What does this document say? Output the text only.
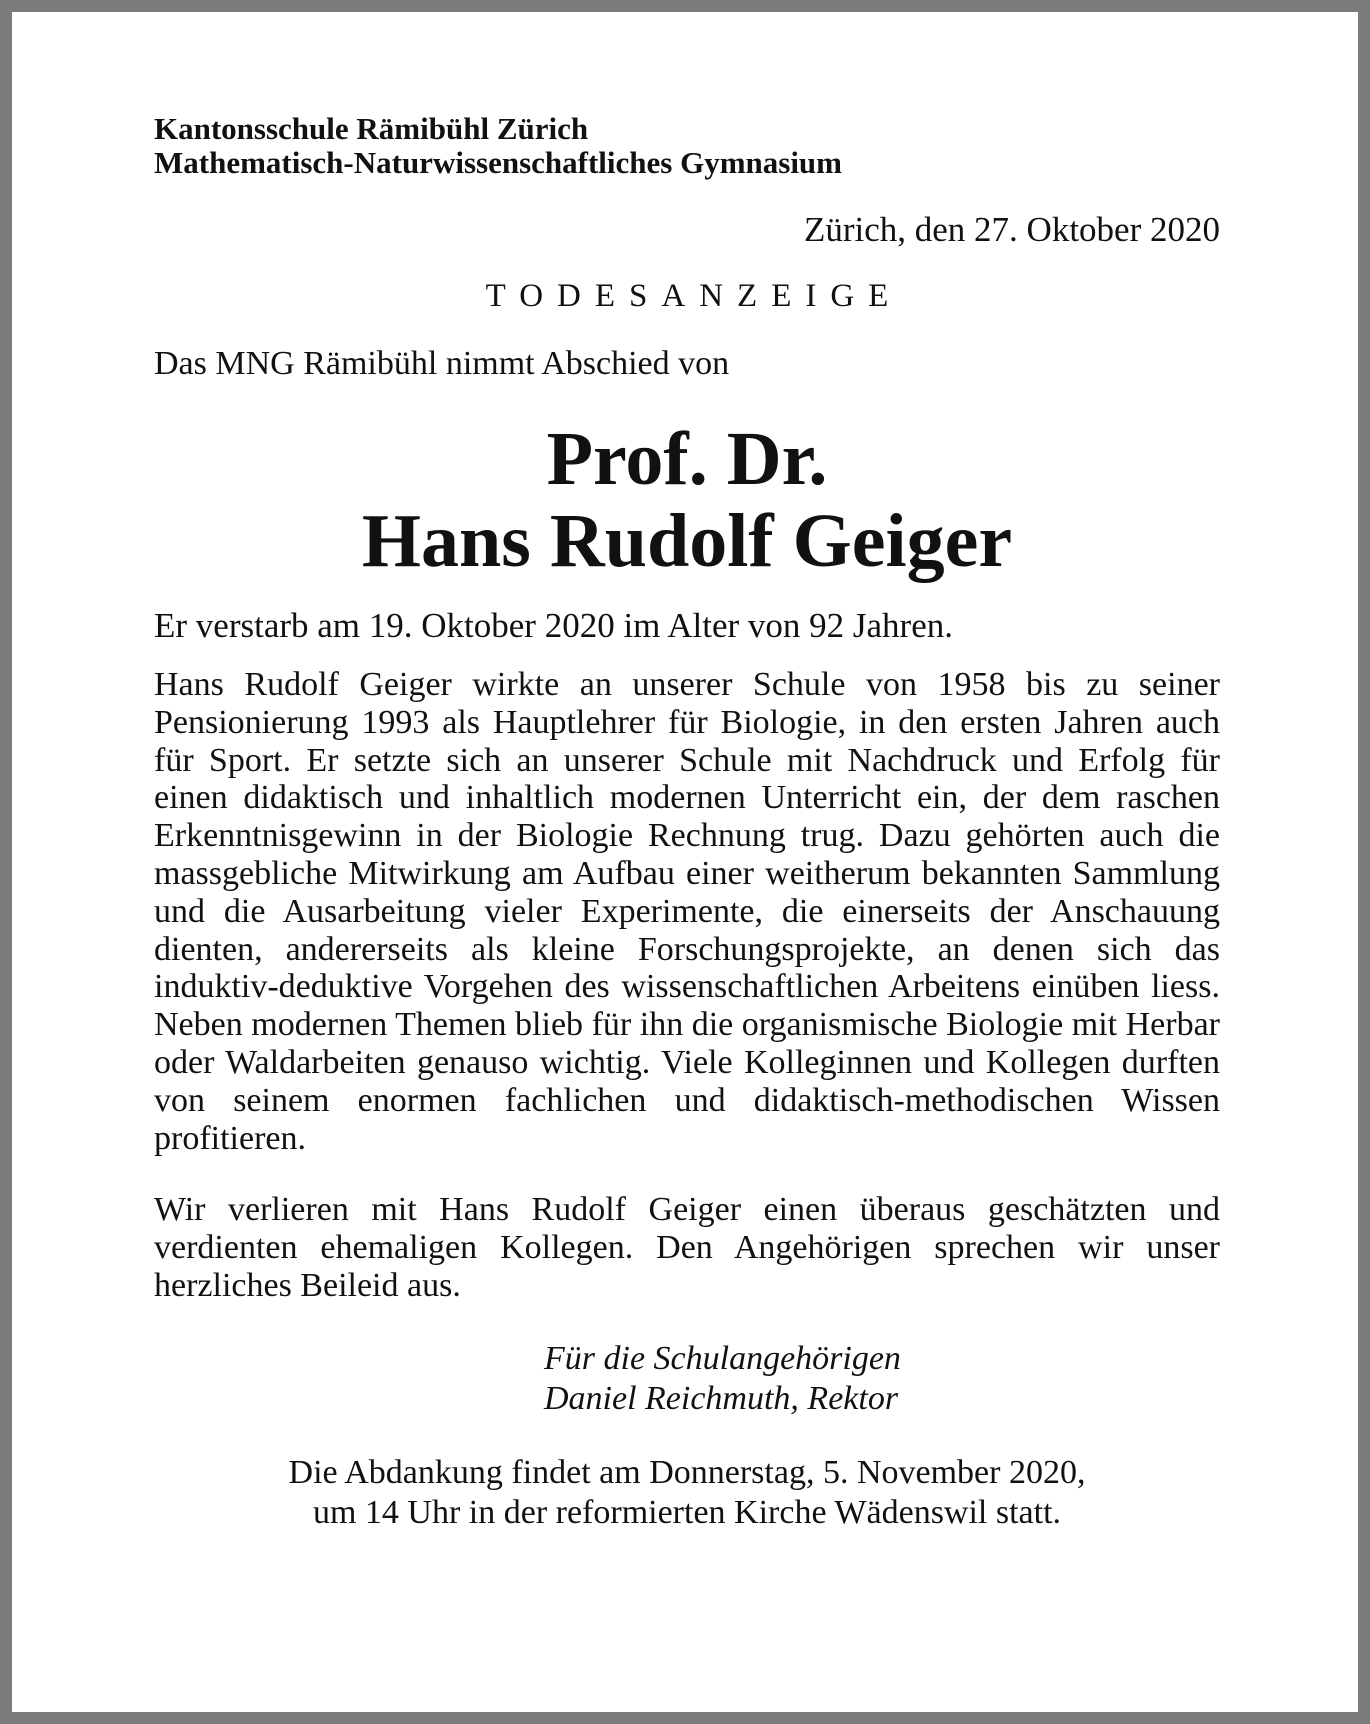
Kantonsschule Rämibühl Zürich
Mathematisch-Naturwissenschaftliches Gymnasium
Zürich, den 27. Oktober 2020
TODESANZEIGE
Das MNG Rämibühl nimmt Abschied von
Prof. Dr.
Hans Rudolf Geiger
Er verstarb am 19. Oktober 2020 im Alter von 92 Jahren.

Hans Rudolf Geiger wirkte an unserer Schule von 1958 bis zu seiner Pensionierung 1993 als Hauptlehrer für Biologie, in den ersten Jahren auch für Sport. Er setzte sich an unserer Schule mit Nachdruck und Erfolg für einen didaktisch und inhaltlich modernen Unterricht ein, der dem raschen Erkenntnisgewinn in der Biologie Rechnung trug. Dazu gehörten auch die massgebliche Mitwirkung am Aufbau einer weitherum bekannten Sammlung und die Ausarbeitung vieler Experimente, die einerseits der Anschauung dienten, andererseits als kleine Forschungsprojekte, an denen sich das induktiv-deduktive Vorgehen des wissenschaftlichen Arbeitens einüben liess. Neben modernen Themen blieb für ihn die organismische Biologie mit Herbar oder Waldarbeiten genauso wichtig. Viele Kolleginnen und Kollegen durften von seinem enormen fachlichen und didaktisch-methodischen Wissen profitieren.

Wir verlieren mit Hans Rudolf Geiger einen überaus geschätzten und verdienten ehemaligen Kollegen. Den Angehörigen sprechen wir unser herzliches Beileid aus.

Für die Schulangehörigen
Daniel Reichmuth, Rektor
Die Abdankung findet am Donnerstag, 5. November 2020,
um 14 Uhr in der reformierten Kirche Wädenswil statt.
